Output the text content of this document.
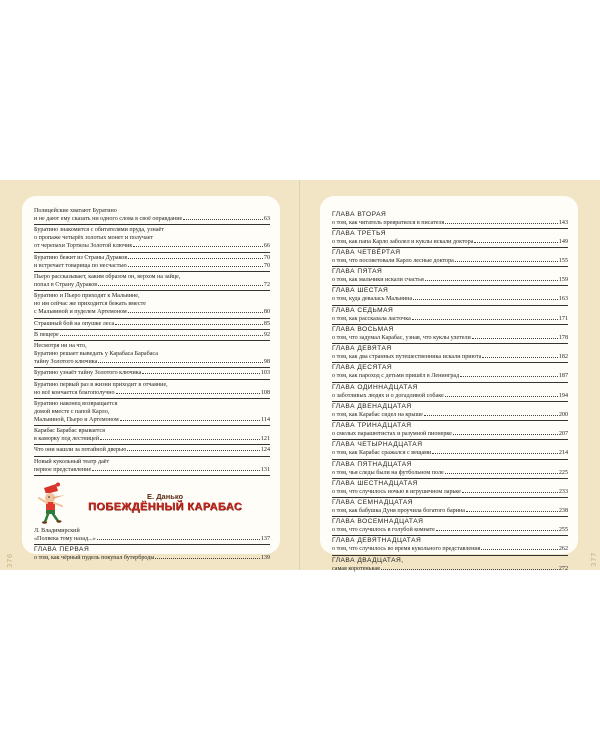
376	377
Полицейские хватают Буратино
и не дают ему сказать ни одного слова в своё оправдание	63
Буратино знакомится с обитателями пруда, узнаёт
о пропаже четырёх золотых монет и получает
от черепахи Тортилы Золотой ключик	66
Буратино бежит из Страны Дураков	70
и встречает товарища по несчастью	70
Пьеро рассказывает, каким образом он, верхом на зайце,
попал в Страну Дураков	72
Буратино и Пьеро приходят к Мальвине,
но им сейчас же приходится бежать вместе
с Мальвиной и пуделем Артемоном	80
Страшный бой на опушке леса	85
В пещере	92
Несмотря ни на что,
Буратино решает выведать у Карабаса Барабаса
тайну Золотого ключика	98
Буратино узнаёт тайну Золотого ключика	103
Буратино первый раз в жизни приходит в отчаяние,
но всё кончается благополучно	108
Буратино наконец возвращается
домой вместе с папой Карло,
Мальвиной, Пьеро и Артемоном	114
Карабас Барабас врывается
в каморку под лестницей	121
Что они нашли за потайной дверью	124
Новый кукольный театр даёт
первое представление	131
Е. Данько
ПОБЕЖДЁННЫЙ КАРАБАС
Л. Владимирский
«Полвека тому назад...»	137
ГЛАВА ПЕРВАЯ
о том, как чёрный пудель покупал бутерброды	139
ГЛАВА ВТОРАЯ
о том, как читатель превратился в писателя	143
ГЛАВА ТРЕТЬЯ
о том, как папа Карло заболел и куклы искали доктора	149
ГЛАВА ЧЕТВЁРТАЯ
о том, что посоветовали Карло лесные доктора	155
ГЛАВА ПЯТАЯ
о том, как мальчики искали счастья	159
ГЛАВА ШЕСТАЯ
о том, куда девалась Мальвина	163
ГЛАВА СЕДЬМАЯ
о том, как рассказала ласточка	171
ГЛАВА ВОСЬМАЯ
о том, что задумал Карабас, узнав, что куклы улетели	178
ГЛАВА ДЕВЯТАЯ
о том, как два странных путешественника искали приюта	182
ГЛАВА ДЕСЯТАЯ
о том, как пароход с детьми пришёл в Ленинград	187
ГЛАВА ОДИННАДЦАТАЯ
о заботливых людях и о догадливой собаке	194
ГЛАВА ДВЕНАДЦАТАЯ
о том, как Карабас сидел на крыше	200
ГЛАВА ТРИНАДЦАТАЯ
о смелых парашютистах и разумной пионерке	207
ГЛАВА ЧЕТЫРНАДЦАТАЯ
о том, как Карабас сражался с вещами	214
ГЛАВА ПЯТНАДЦАТАЯ
о том, чья следы были на футбольном поле	225
ГЛАВА ШЕСТНАДЦАТАЯ
о том, что случилось ночью в игрушечном ларьке	233
ГЛАВА СЕМНАДЦАТАЯ
о том, как бабушка Дуня проучила богатого барина	238
ГЛАВА ВОСЕМНАДЦАТАЯ
о том, что случилось в голубой комнате	255
ГЛАВА ДЕВЯТНАДЦАТАЯ
о том, что случилось во время кукольного представления	262
ГЛАВА ДВАДЦАТАЯ,
самая коротенькая	272
